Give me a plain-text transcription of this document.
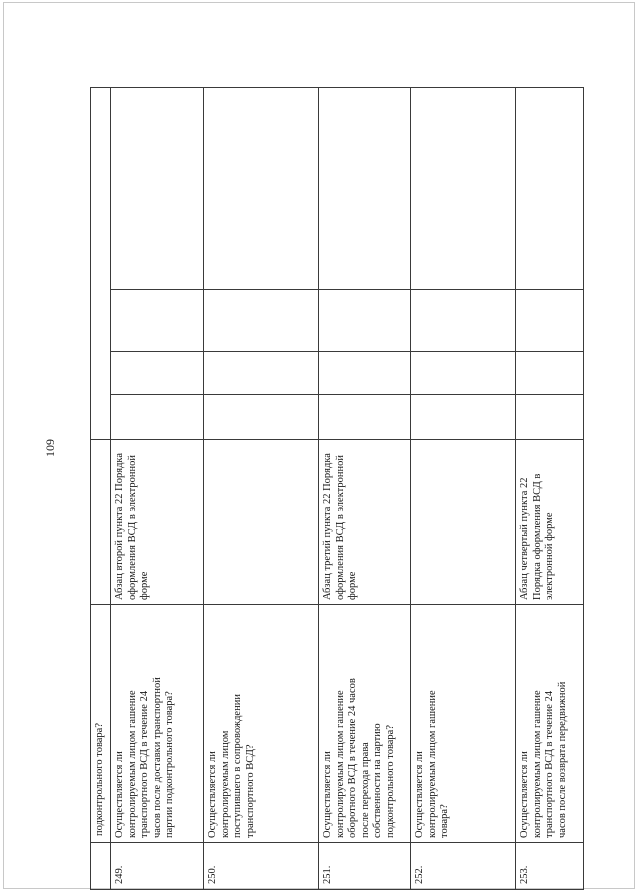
109
подконтрольного товара?
249.
Осуществляется ли контролируемым лицом гашение транспортного ВСД в течение 24 часов после доставки транспортной партии подконтрольного товара?
Абзац второй пункта 22 Порядка оформления ВСД в электронной форме
250.
Осуществляется ли контролируемым лицом поступившего в сопровождении транспортного ВСД?
251.
Осуществляется ли контролируемым лицом гашение оборотного ВСД в течение 24 часов после перехода права собственности на партию подконтрольного товара?
Абзац третий пункта 22 Порядка оформления ВСД в электронной форме
252.
Осуществляется ли контролируемым лицом гашение товара?
253.
Осуществляется ли контролируемым лицом гашение транспортного ВСД в течение 24 часов после возврата передвижной
Абзац четвертый пункта 22 Порядка оформления ВСД в электронной форме
